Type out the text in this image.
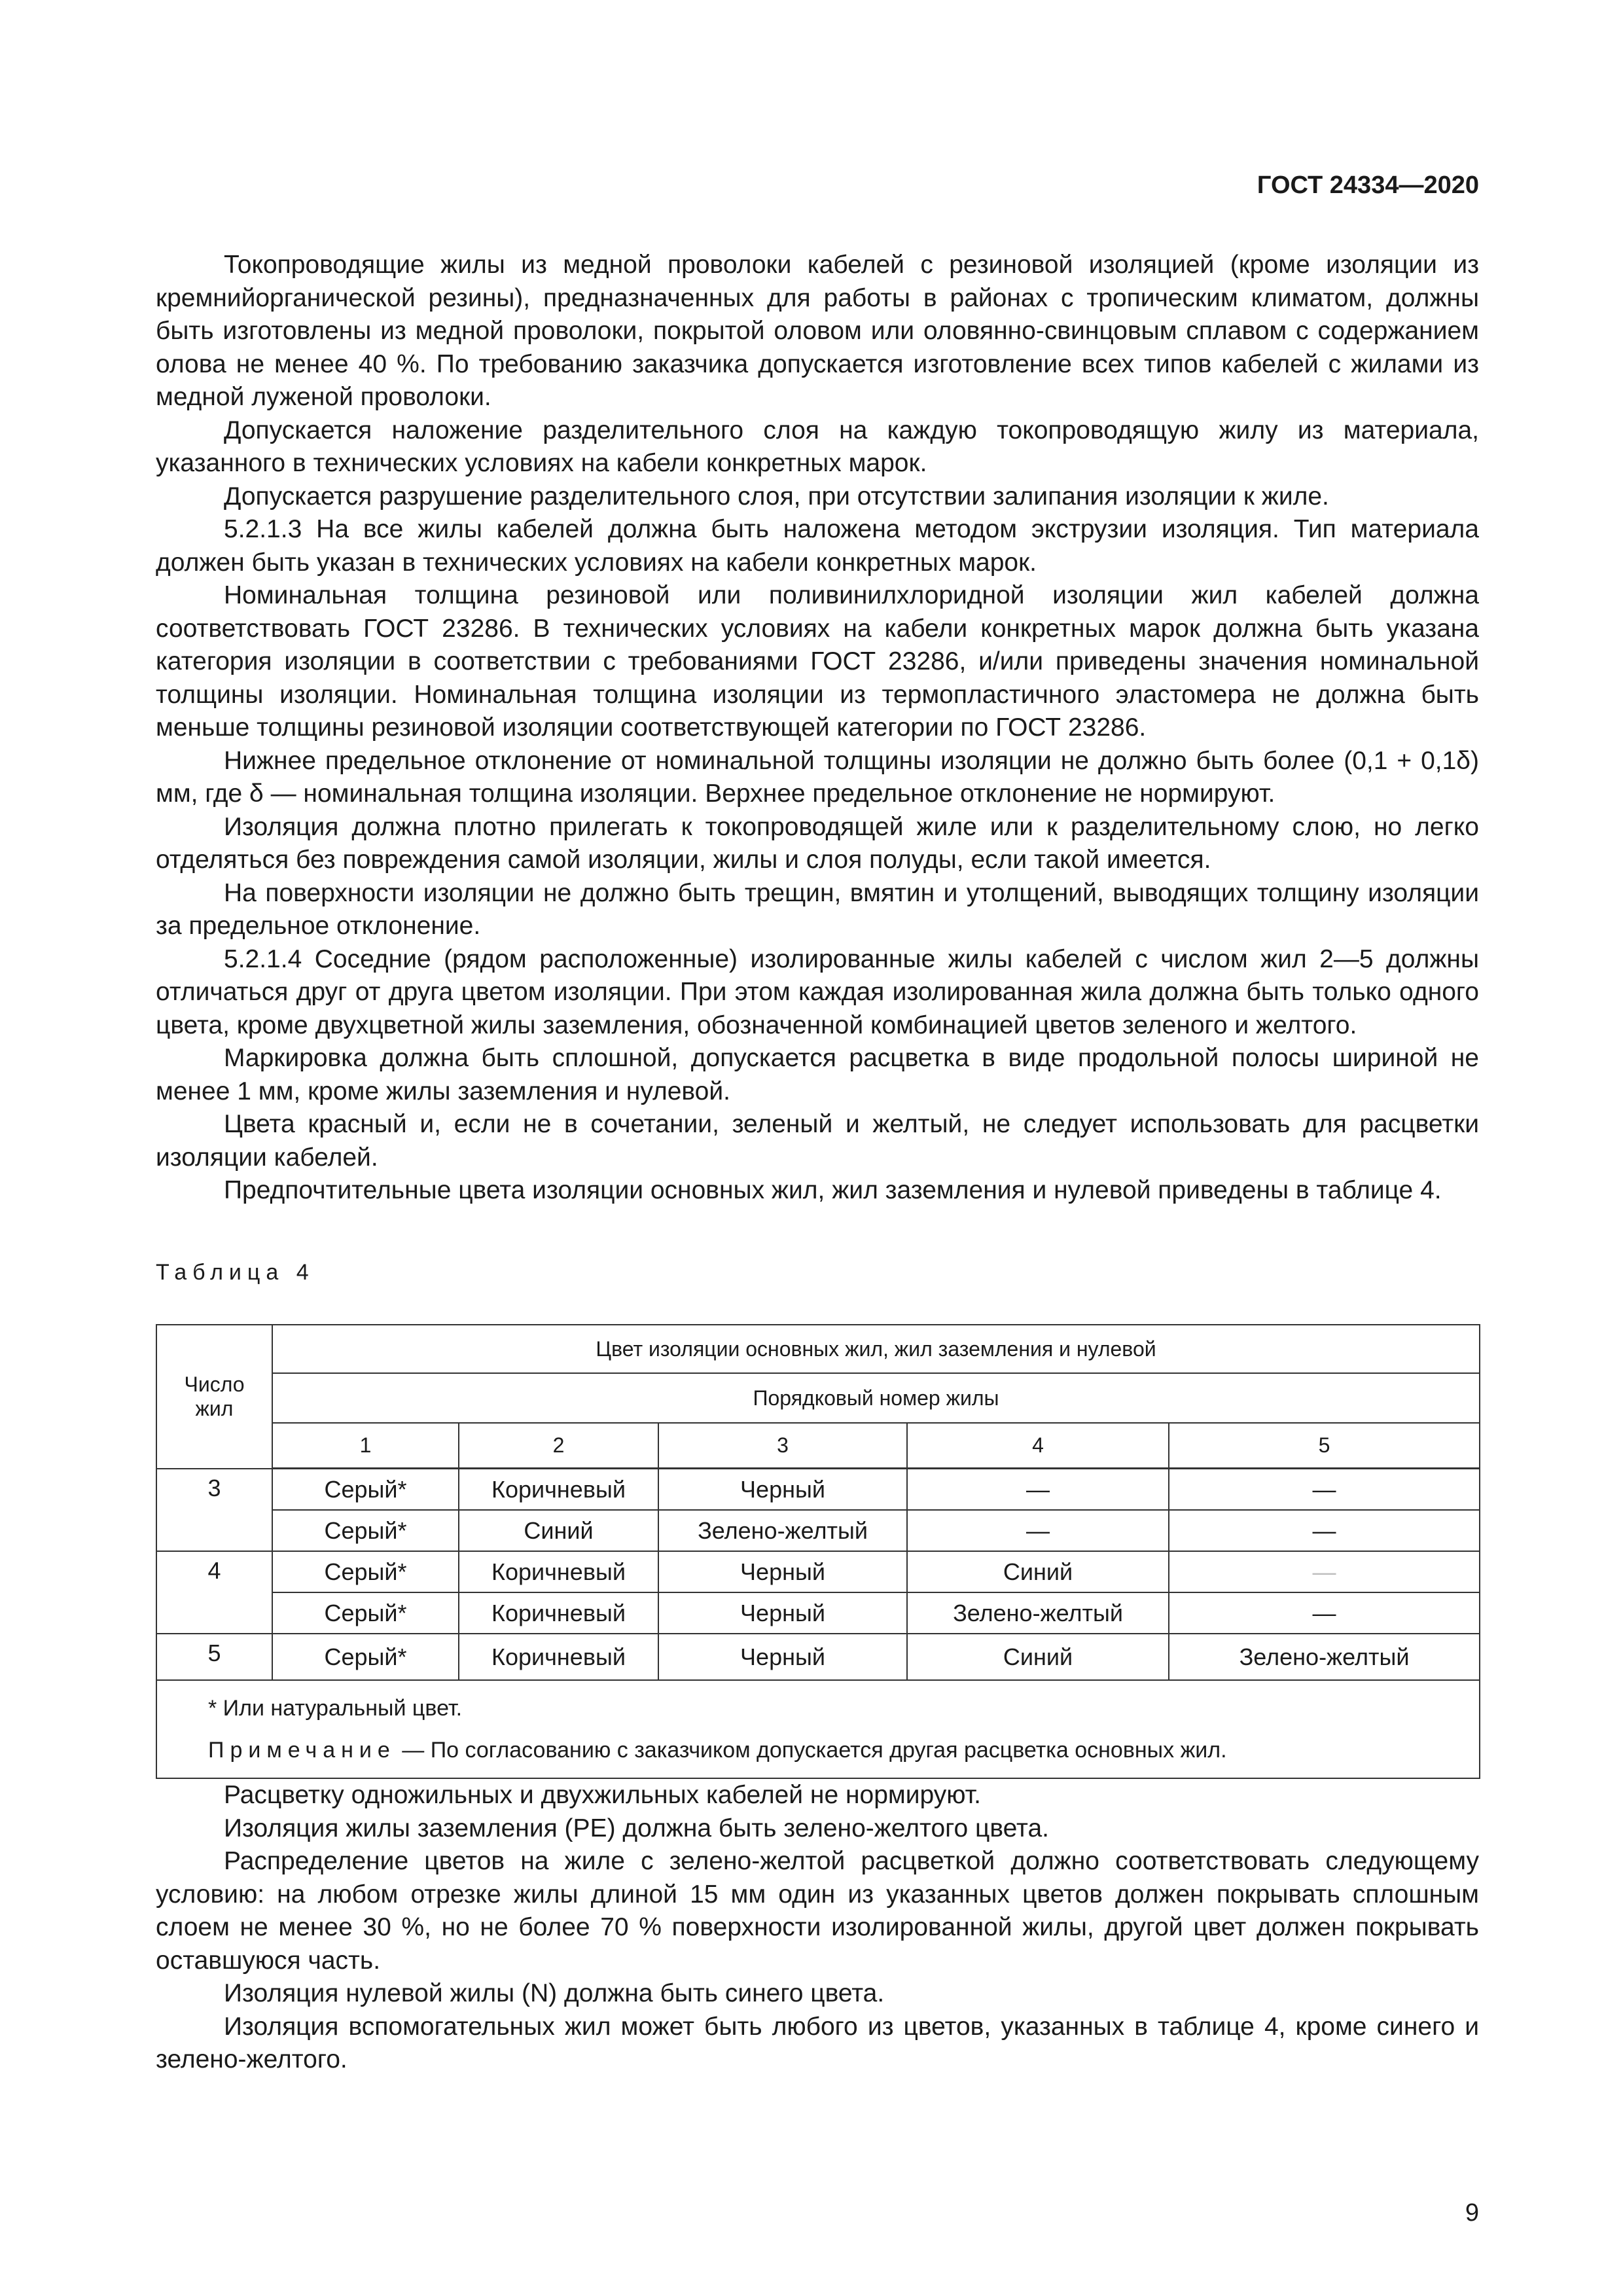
ГОСТ 24334—2020

Токопроводящие жилы из медной проволоки кабелей с резиновой изоляцией (кроме изоляции из кремнийорганической резины), предназначенных для работы в районах с тропическим климатом, должны быть изготовлены из медной проволоки, покрытой оловом или оловянно-свинцовым сплавом с содержанием олова не менее 40 %. По требованию заказчика допускается изготовление всех типов кабелей с жилами из медной луженой проволоки.

Допускается наложение разделительного слоя на каждую токопроводящую жилу из материала, указанного в технических условиях на кабели конкретных марок.

Допускается разрушение разделительного слоя, при отсутствии залипания изоляции к жиле.

5.2.1.3 На все жилы кабелей должна быть наложена методом экструзии изоляция. Тип материала должен быть указан в технических условиях на кабели конкретных марок.

Номинальная толщина резиновой или поливинилхлоридной изоляции жил кабелей должна соответствовать ГОСТ 23286. В технических условиях на кабели конкретных марок должна быть указана категория изоляции в соответствии с требованиями ГОСТ 23286, и/или приведены значения номинальной толщины изоляции. Номинальная толщина изоляции из термопластичного эластомера не должна быть меньше толщины резиновой изоляции соответствующей категории по ГОСТ 23286.

Нижнее предельное отклонение от номинальной толщины изоляции не должно быть более (0,1 + 0,1δ) мм, где δ — номинальная толщина изоляции. Верхнее предельное отклонение не нормируют.

Изоляция должна плотно прилегать к токопроводящей жиле или к разделительному слою, но легко отделяться без повреждения самой изоляции, жилы и слоя полуды, если такой имеется.

На поверхности изоляции не должно быть трещин, вмятин и утолщений, выводящих толщину изоляции за предельное отклонение.

5.2.1.4 Соседние (рядом расположенные) изолированные жилы кабелей с числом жил 2—5 должны отличаться друг от друга цветом изоляции. При этом каждая изолированная жила должна быть только одного цвета, кроме двухцветной жилы заземления, обозначенной комбинацией цветов зеленого и желтого.

Маркировка должна быть сплошной, допускается расцветка в виде продольной полосы шириной не менее 1 мм, кроме жилы заземления и нулевой.

Цвета красный и, если не в сочетании, зеленый и желтый, не следует использовать для расцветки изоляции кабелей.

Предпочтительные цвета изоляции основных жил, жил заземления и нулевой приведены в таблице 4.

Таблица 4
Число жил	Цвет изоляции основных жил, жил заземления и нулевой				
	Порядковый номер жилы				
	1	2	3	4	5
3	Серый*	Коричневый	Черный	—	—
	Серый*	Синий	Зелено-желтый	—	—
4	Серый*	Коричневый	Черный	Синий	—
	Серый*	Коричневый	Черный	Зелено-желтый	—
5	Серый*	Коричневый	Черный	Синий	Зелено-желтый

* Или натуральный цвет.
Примечание — По согласованию с заказчиком допускается другая расцветка основных жил.					

Расцветку одножильных и двухжильных кабелей не нормируют.

Изоляция жилы заземления (PE) должна быть зелено-желтого цвета.

Распределение цветов на жиле с зелено-желтой расцветкой должно соответствовать следующему условию: на любом отрезке жилы длиной 15 мм один из указанных цветов должен покрывать сплошным слоем не менее 30 %, но не более 70 % поверхности изолированной жилы, другой цвет должен покрывать оставшуюся часть.

Изоляция нулевой жилы (N) должна быть синего цвета.

Изоляция вспомогательных жил может быть любого из цветов, указанных в таблице 4, кроме синего и зелено-желтого.

9
